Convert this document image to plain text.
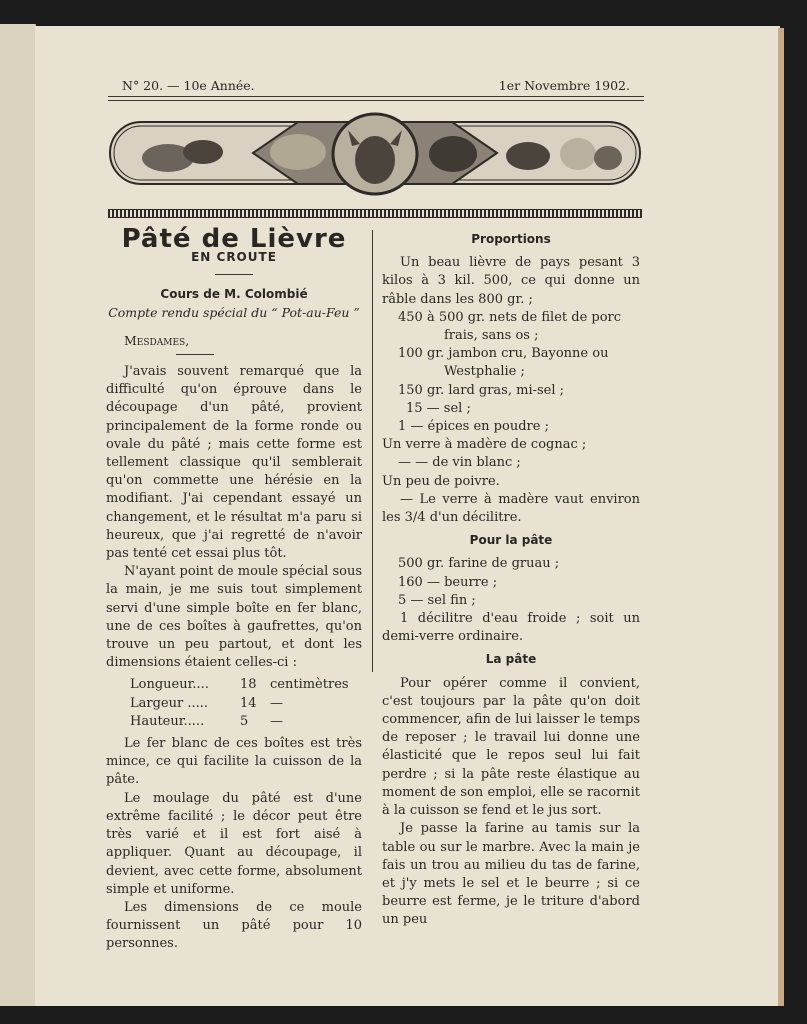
N° 20. — 10e Année.	1er Novembre 1902.
Pâté de Lièvre
EN CROUTE
Cours de M. Colombié
Compte rendu spécial du “ Pot-au-Feu ”
Mesdames,

J'avais souvent remarqué que la difficulté qu'on éprouve dans le découpage d'un pâté, provient principalement de la forme ronde ou ovale du pâté ; mais cette forme est tellement classique qu'il semblerait qu'on commette une hérésie en la modifiant. J'ai cependant essayé un changement, et le résultat m'a paru si heureux, que j'ai regretté de n'avoir pas tenté cet essai plus tôt.

N'ayant point de moule spécial sous la main, je me suis tout simplement servi d'une simple boîte en fer blanc, une de ces boîtes à gaufrettes, qu'on trouve un peu partout, et dont les dimensions étaient celles-ci :

Longueur....	18	centimètres
Largeur .....	14	—
Hauteur.....	5	—

Le fer blanc de ces boîtes est très mince, ce qui facilite la cuisson de la pâte.

Le moulage du pâté est d'une extrême facilité ; le décor peut être très varié et il est fort aisé à appliquer. Quant au découpage, il devient, avec cette forme, absolument simple et uniforme.

Les dimensions de ce moule fournissent un pâté pour 10 personnes.

Proportions

Un beau lièvre de pays pesant 3 kilos à 3 kil. 500, ce qui donne un râble dans les 800 gr. ;

450 à 500 gr. nets de filet de porc
frais, sans os ;
100 gr. jambon cru, Bayonne ou
Westphalie ;
150 gr. lard gras, mi-sel ;
15 — sel ;
1 — épices en poudre ;
Un verre à madère de cognac ;
— — de vin blanc ;
Un peu de poivre.

— Le verre à madère vaut environ les 3/4 d'un décilitre.

Pour la pâte
500 gr. farine de gruau ;
160 — beurre ;
5 — sel fin ;

1 décilitre d'eau froide ; soit un demi-verre ordinaire.

La pâte

Pour opérer comme il convient, c'est toujours par la pâte qu'on doit commencer, afin de lui laisser le temps de reposer ; le travail lui donne une élasticité que le repos seul lui fait perdre ; si la pâte reste élastique au moment de son emploi, elle se racornit à la cuisson se fend et le jus sort.

Je passe la farine au tamis sur la table ou sur le marbre. Avec la main je fais un trou au milieu du tas de farine, et j'y mets le sel et le beurre ; si ce beurre est ferme, je le triture d'abord un peu
